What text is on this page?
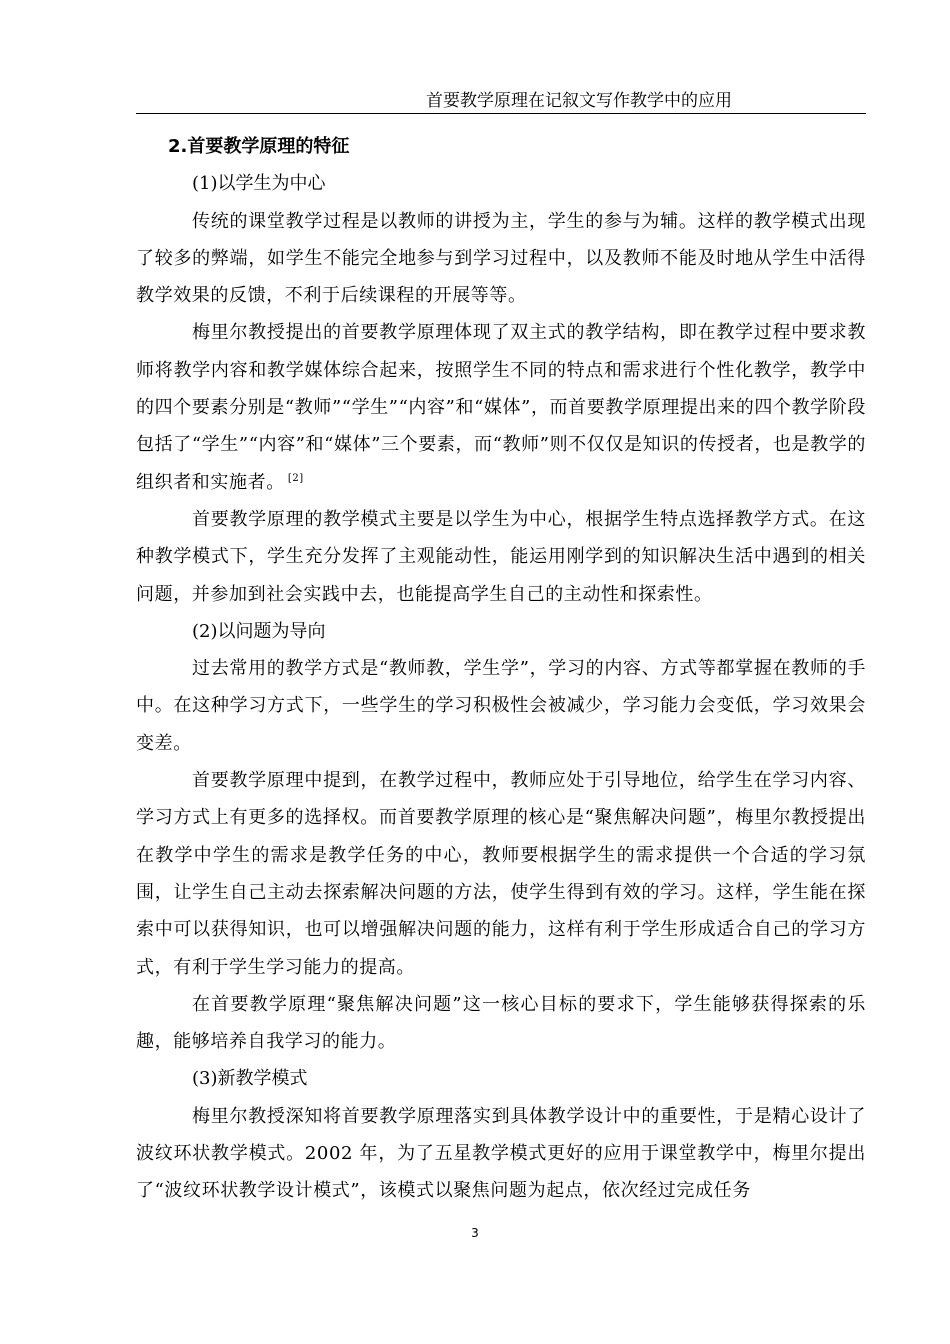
首要教学原理在记叙文写作教学中的应用

2.首要教学原理的特征

(1)以学生为中心

传统的课堂教学过程是以教师的讲授为主，学生的参与为辅。这样的教学模式出现了较多的弊端，如学生不能完全地参与到学习过程中，以及教师不能及时地从学生中活得教学效果的反馈，不利于后续课程的开展等等。

梅里尔教授提出的首要教学原理体现了双主式的教学结构，即在教学过程中要求教师将教学内容和教学媒体综合起来，按照学生不同的特点和需求进行个性化教学，教学中的四个要素分别是“教师”“学生”“内容”和“媒体”，而首要教学原理提出来的四个教学阶段包括了“学生”“内容”和“媒体”三个要素，而“教师”则不仅仅是知识的传授者，也是教学的组织者和实施者。 [2]

首要教学原理的教学模式主要是以学生为中心，根据学生特点选择教学方式。在这种教学模式下，学生充分发挥了主观能动性，能运用刚学到的知识解决生活中遇到的相关问题，并参加到社会实践中去，也能提高学生自己的主动性和探索性。

(2)以问题为导向

过去常用的教学方式是“教师教，学生学”，学习的内容、方式等都掌握在教师的手中。在这种学习方式下，一些学生的学习积极性会被减少，学习能力会变低，学习效果会变差。

首要教学原理中提到，在教学过程中，教师应处于引导地位，给学生在学习内容、学习方式上有更多的选择权。而首要教学原理的核心是“聚焦解决问题”，梅里尔教授提出在教学中学生的需求是教学任务的中心，教师要根据学生的需求提供一个合适的学习氛围，让学生自己主动去探索解决问题的方法，使学生得到有效的学习。这样，学生能在探索中可以获得知识，也可以增强解决问题的能力，这样有利于学生形成适合自己的学习方式，有利于学生学习能力的提高。

在首要教学原理“聚焦解决问题”这一核心目标的要求下，学生能够获得探索的乐趣，能够培养自我学习的能力。

(3)新教学模式

梅里尔教授深知将首要教学原理落实到具体教学设计中的重要性，于是精心设计了波纹环状教学模式。2002 年，为了五星教学模式更好的应用于课堂教学中，梅里尔提出了“波纹环状教学设计模式”，该模式以聚焦问题为起点，依次经过完成任务

3
